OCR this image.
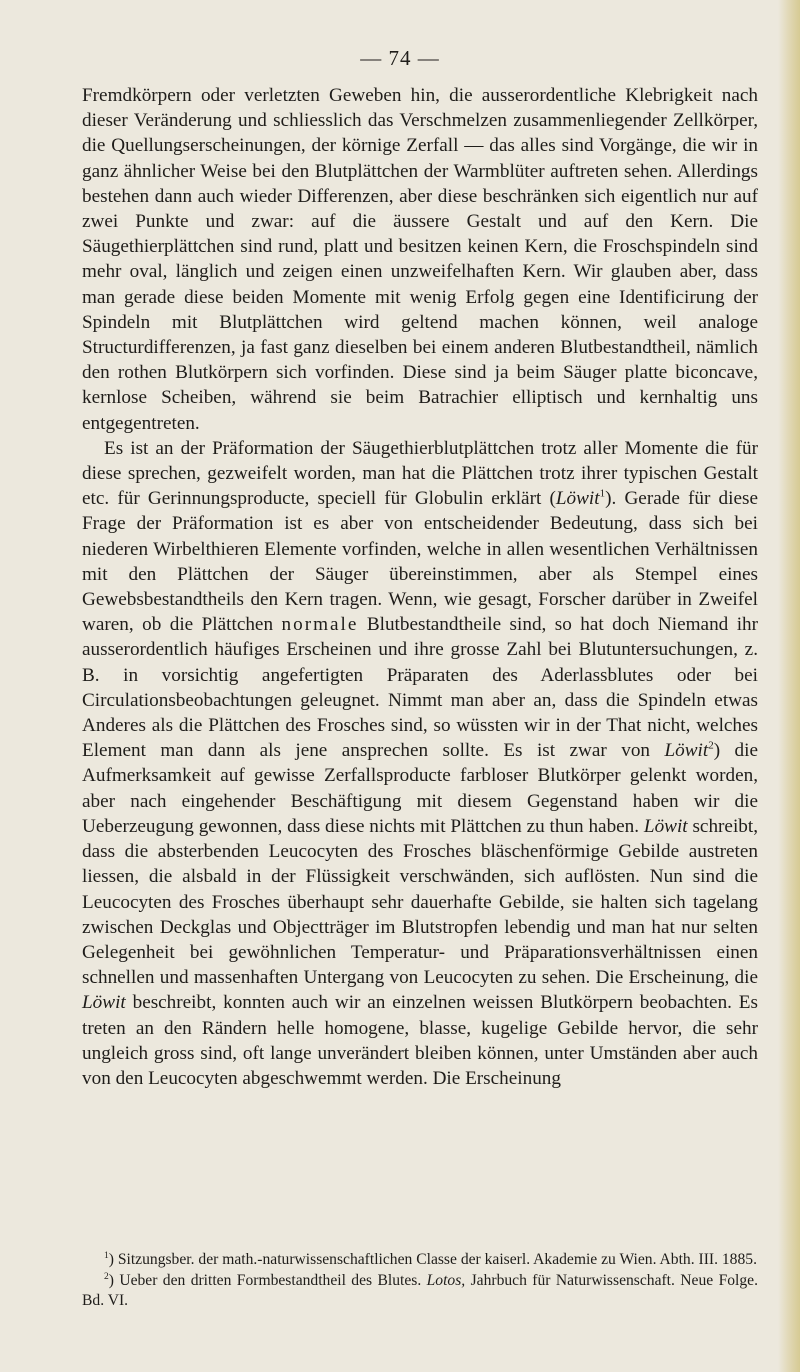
— 74 —

Fremdkörpern oder verletzten Geweben hin, die ausserordentliche Klebrigkeit nach dieser Veränderung und schliesslich das Verschmelzen zusammenliegender Zellkörper, die Quellungserscheinungen, der körnige Zerfall — das alles sind Vorgänge, die wir in ganz ähnlicher Weise bei den Blutplättchen der Warmblüter auftreten sehen. Allerdings bestehen dann auch wieder Differenzen, aber diese beschränken sich eigentlich nur auf zwei Punkte und zwar: auf die äussere Gestalt und auf den Kern. Die Säugethierplättchen sind rund, platt und besitzen keinen Kern, die Froschspindeln sind mehr oval, länglich und zeigen einen unzweifelhaften Kern. Wir glauben aber, dass man gerade diese beiden Momente mit wenig Erfolg gegen eine Identificirung der Spindeln mit Blutplättchen wird geltend machen können, weil analoge Structurdifferenzen, ja fast ganz dieselben bei einem anderen Blutbestandtheil, nämlich den rothen Blutkörpern sich vorfinden. Diese sind ja beim Säuger platte biconcave, kernlose Scheiben, während sie beim Batrachier elliptisch und kernhaltig uns entgegentreten.

Es ist an der Präformation der Säugethierblutplättchen trotz aller Momente die für diese sprechen, gezweifelt worden, man hat die Plättchen trotz ihrer typischen Gestalt etc. für Gerinnungsproducte, speciell für Globulin erklärt (Löwit$^1$). Gerade für diese Frage der Präformation ist es aber von entscheidender Bedeutung, dass sich bei niederen Wirbelthieren Elemente vorfinden, welche in allen wesentlichen Verhältnissen mit den Plättchen der Säuger übereinstimmen, aber als Stempel eines Gewebsbestandtheils den Kern tragen. Wenn, wie gesagt, Forscher darüber in Zweifel waren, ob die Plättchen normale Blutbestandtheile sind, so hat doch Niemand ihr ausserordentlich häufiges Erscheinen und ihre grosse Zahl bei Blutuntersuchungen, z. B. in vorsichtig angefertigten Präparaten des Aderlassblutes oder bei Circulationsbeobachtungen geleugnet. Nimmt man aber an, dass die Spindeln etwas Anderes als die Plättchen des Frosches sind, so wüssten wir in der That nicht, welches Element man dann als jene ansprechen sollte. Es ist zwar von Löwit$^2$) die Aufmerksamkeit auf gewisse Zerfallsproducte farbloser Blutkörper gelenkt worden, aber nach eingehender Beschäftigung mit diesem Gegenstand haben wir die Ueberzeugung gewonnen, dass diese nichts mit Plättchen zu thun haben. Löwit schreibt, dass die absterbenden Leucocyten des Frosches bläschenförmige Gebilde austreten liessen, die alsbald in der Flüssigkeit verschwänden, sich auflösten. Nun sind die Leucocyten des Frosches überhaupt sehr dauerhafte Gebilde, sie halten sich tagelang zwischen Deckglas und Objectträger im Blutstropfen lebendig und man hat nur selten Gelegenheit bei gewöhnlichen Temperatur- und Präparationsverhältnissen einen schnellen und massenhaften Untergang von Leucocyten zu sehen. Die Erscheinung, die Löwit beschreibt, konnten auch wir an einzelnen weissen Blutkörpern beobachten. Es treten an den Rändern helle homogene, blasse, kugelige Gebilde hervor, die sehr ungleich gross sind, oft lange unverändert bleiben können, unter Umständen aber auch von den Leucocyten abgeschwemmt werden. Die Erscheinung

$^1$) Sitzungsber. der math.-naturwissenschaftlichen Classe der kaiserl. Akademie zu Wien. Abth. III. 1885.

$^2$) Ueber den dritten Formbestandtheil des Blutes. Lotos, Jahrbuch für Naturwissenschaft. Neue Folge. Bd. VI.
